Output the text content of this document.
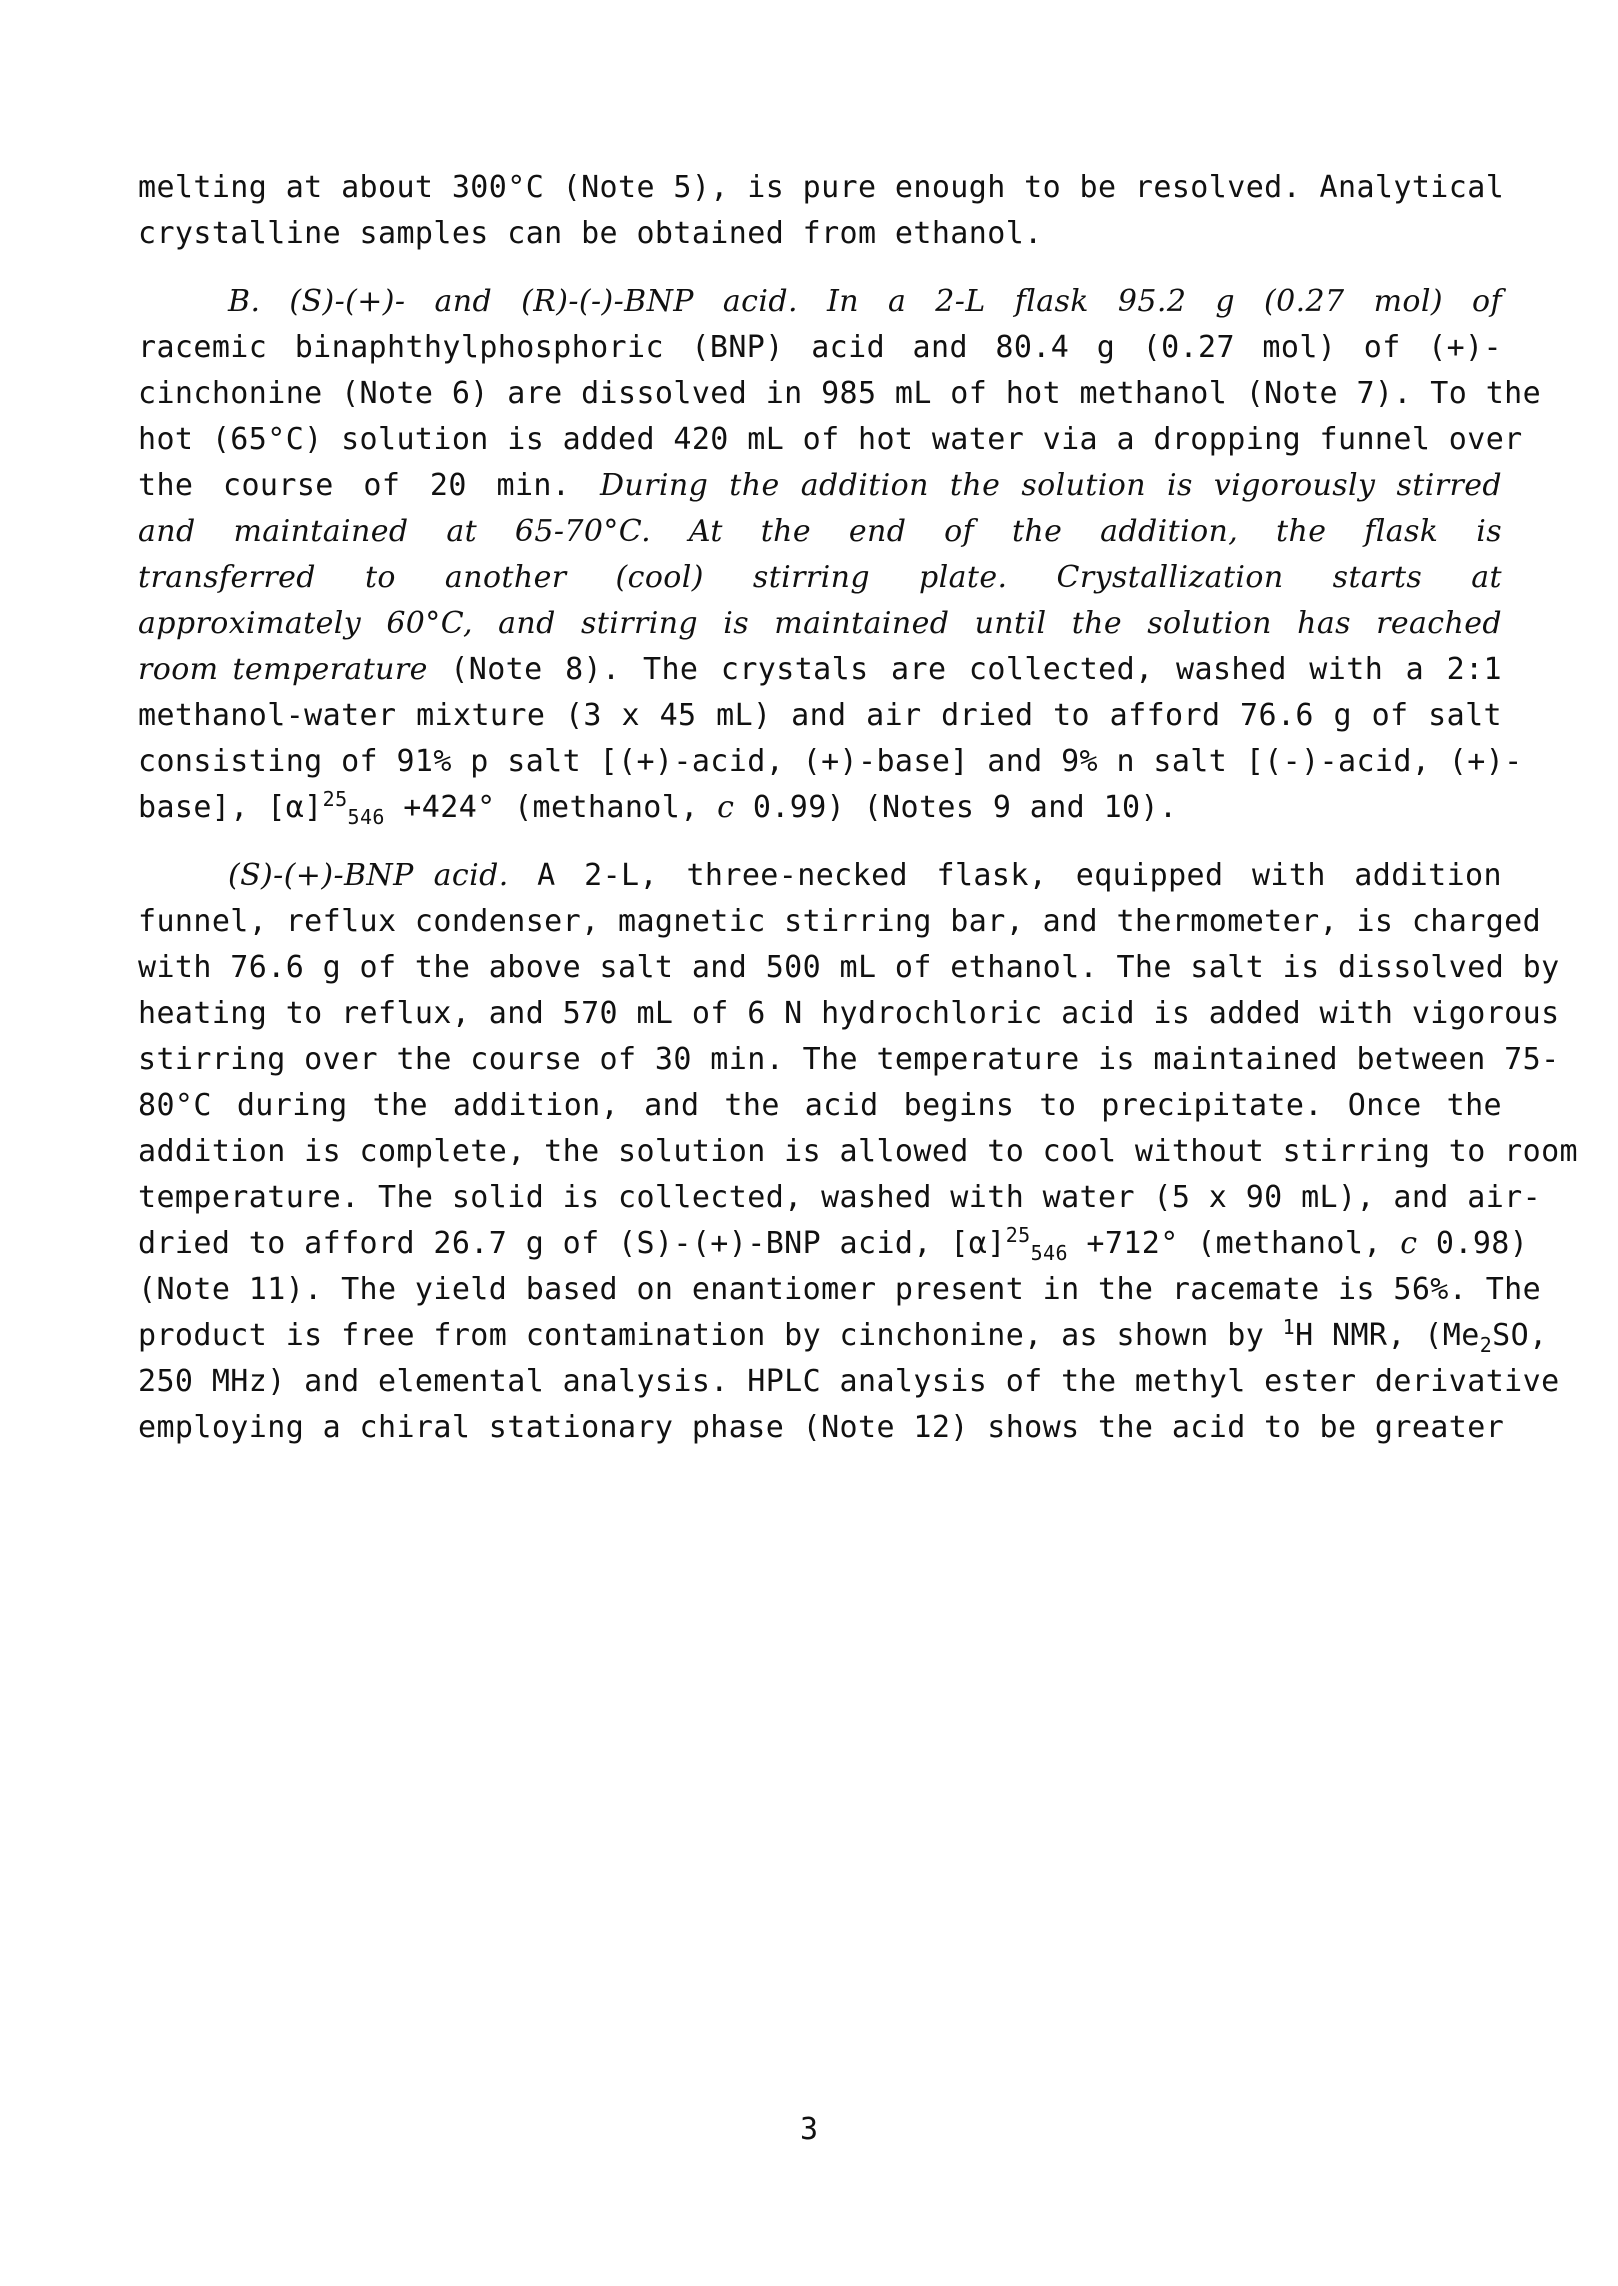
melting at about 300°C (Note 5), is pure enough to be resolved. Analytical
crystalline samples can be obtained from ethanol.
B. (S)-(+)- and (R)-(-)-BNP acid. In a 2-L flask 95.2 g (0.27 mol) of
racemic binaphthylphosphoric (BNP) acid and 80.4 g (0.27 mol) of (+)-
cinchonine (Note 6) are dissolved in 985 mL of hot methanol (Note 7). To the
hot (65°C) solution is added 420 mL of hot water via a dropping funnel over
the course of 20 min. During the addition the solution is vigorously stirred
and maintained at 65-70°C. At the end of the addition, the flask is
transferred to another (cool) stirring plate. Crystallization starts at
approximately 60°C, and stirring is maintained until the solution has reached
room temperature (Note 8). The crystals are collected, washed with a 2:1
methanol-water mixture (3 x 45 mL) and air dried to afford 76.6 g of salt
consisting of 91% p salt [(+)-acid, (+)-base] and 9% n salt [(-)-acid, (+)-
base], $[\alpha]^{25}_{546} +424^\circ$ (methanol, c 0.99) (Notes 9 and 10).
(S)-(+)-BNP acid. A 2-L, three-necked flask, equipped with addition
funnel, reflux condenser, magnetic stirring bar, and thermometer, is charged
with 76.6 g of the above salt and 500 mL of ethanol. The salt is dissolved by
heating to reflux, and 570 mL of 6 N hydrochloric acid is added with vigorous
stirring over the course of 30 min. The temperature is maintained between 75-
80°C during the addition, and the acid begins to precipitate. Once the
addition is complete, the solution is allowed to cool without stirring to room
temperature. The solid is collected, washed with water (5 x 90 mL), and air-
dried to afford 26.7 g of (S)-(+)-BNP acid, $[\alpha]^{25}_{546} +712^\circ$ (methanol, c 0.98)
(Note 11). The yield based on enantiomer present in the racemate is 56%. The
product is free from contamination by cinchonine, as shown by $^1$H NMR, ($Me_2SO$,
250 MHz) and elemental analysis. HPLC analysis of the methyl ester derivative
employing a chiral stationary phase (Note 12) shows the acid to be greater
3
